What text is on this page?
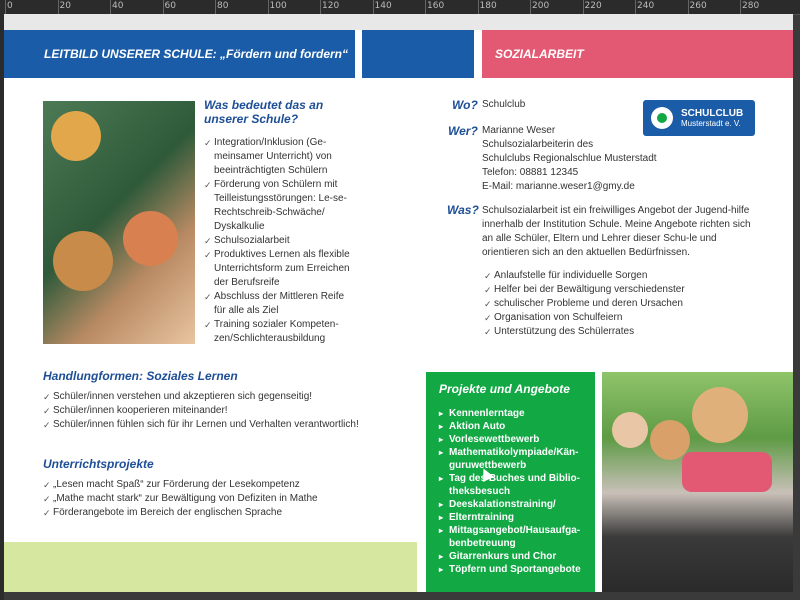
0	20	40	60	80	100	120	140	160	180	200	220	240	260	280
LEITBILD UNSERER SCHULE: „Fördern und fordern“	SOZIALARBEIT
Was bedeutet das an unserer Schule?
✓ Integration/Inklusion (Ge-meinsamer Unterricht) von beeinträchtigten Schülern
✓ Förderung von Schülern mit Teilleistungsstörungen: Le-se-Rechtschreib-Schwäche/ Dyskalkulie
✓ Schulsozialarbeit
✓ Produktives Lernen als flexible Unterrichtsform zum Erreichen der Berufsreife
✓ Abschluss der Mittleren Reife für alle als Ziel
✓ Training sozialer Kompeten-zen/Schlichterausbildung
Handlungformen: Soziales Lernen
✓ Schüler/innen verstehen und akzeptieren sich gegenseitig!
✓ Schüler/innen kooperieren miteinander!
✓ Schüler/innen fühlen sich für ihr Lernen und Verhalten verantwortlich!
Unterrichtsprojekte
✓ „Lesen macht Spaß“ zur Förderung der Lesekompetenz
✓ „Mathe macht stark“ zur Bewältigung von Defiziten in Mathe
✓ Förderangebote im Bereich der englischen Sprache
Wo? Schulclub
Wer? Marianne Weser
Schulsozialarbeiterin des
Schulclubs Regionalschlue Musterstadt
Telefon: 08881 12345
E-Mail: marianne.weser1@gmy.de
Was? Schulsozialarbeit ist ein freiwilliges Angebot der Jugend-hilfe innerhalb der Institution Schule. Meine Angebote richten sich an alle Schüler, Eltern und Lehrer dieser Schu-le und orientieren sich an den aktuellen Bedürfnissen.
✓ Anlaufstelle für individuelle Sorgen
✓ Helfer bei der Bewältigung verschiedenster
✓ schulischer Probleme und deren Ursachen
✓ Organisation von Schulfeiern
✓ Unterstützung des Schülerrates
SCHULCLUB
Musterstadt e. V.
Projekte und Angebote
▸ Kennenlerntage
▸ Aktion Auto
▸ Vorlesewettbewerb
▸ Mathematikolympiade/Kän-guruwettbewerb
▸ Tag des Buches und Biblio-theksbesuch
▸ Deeskalationstraining/
▸ Elterntraining
▸ Mittagsangebot/Hausaufga-benbetreuung
▸ Gitarrenkurs und Chor
▸ Töpfern und Sportangebote
